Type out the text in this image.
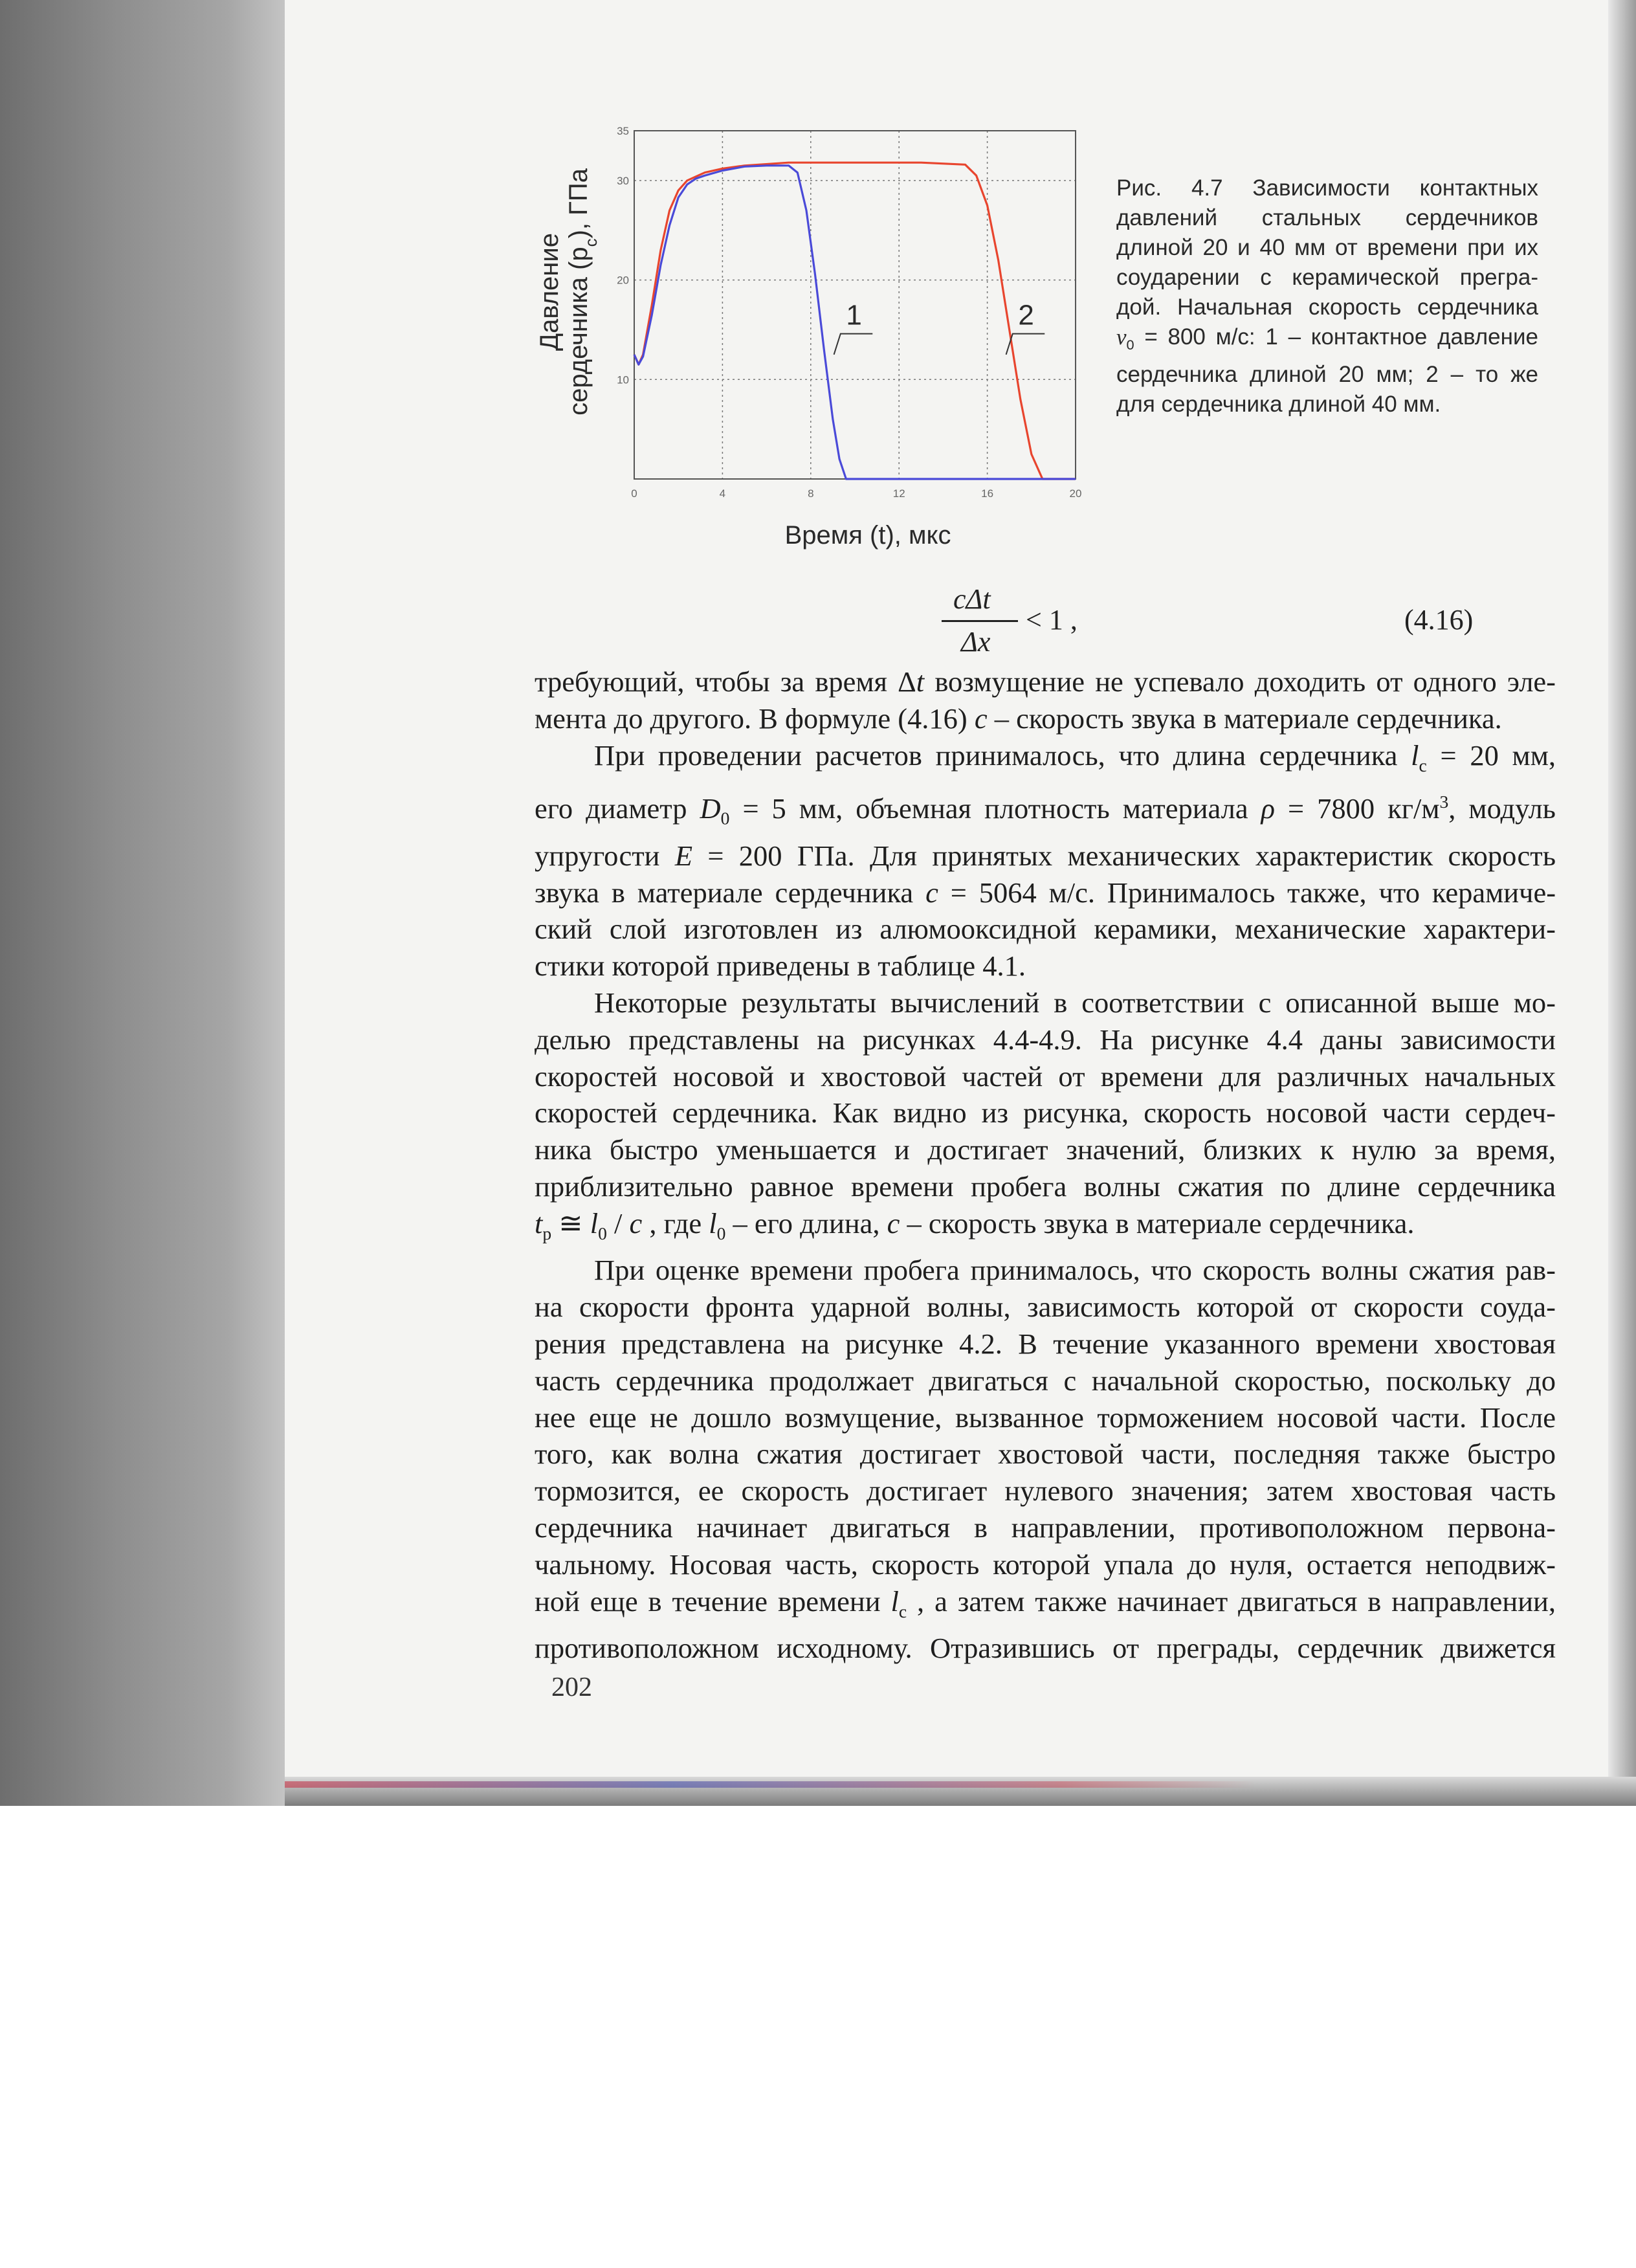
0	4	8	12	16	20
10
20
30
35
1	2
Давление сердечника $(p_c)$, ГПа
Время (t), мкс
Рис. 4.7 Зависимости контактных
давлений стальных сердечников
длиной 20 и 40 мм от времени при их
соударении с керамической прегра-
дой. Начальная скорость сердечника
$v_0 = 800$ м/с: 1 – контактное давление
сердечника длиной 20 мм; 2 – то же
для сердечника длиной 40 мм.
cΔt
Δx
< 1 ,	(4.16)
требующий, чтобы за время Δt возмущение не успевало доходить от одного эле-
мента до другого. В формуле (4.16) c – скорость звука в материале сердечника.
При проведении расчетов принималось, что длина сердечника $l_c = 20$ мм,
его диаметр $D_0 = 5$ мм, объемная плотность материала ρ = 7800 $кг/м^3$, модуль
упругости E = 200 ГПа. Для принятых механических характеристик скорость
звука в материале сердечника c = 5064 м/с. Принималось также, что керамиче-
ский слой изготовлен из алюмооксидной керамики, механические характери-
стики которой приведены в таблице 4.1.
Некоторые результаты вычислений в соответствии с описанной выше мо-
делью представлены на рисунках 4.4-4.9. На рисунке 4.4 даны зависимости
скоростей носовой и хвостовой частей от времени для различных начальных
скоростей сердечника. Как видно из рисунка, скорость носовой части сердеч-
ника быстро уменьшается и достигает значений, близких к нулю за время,
приблизительно равное времени пробега волны сжатия по длине сердечника
$t_p$ ≅ $l_0$ / c , где $l_0$ – его длина, c – скорость звука в материале сердечника.
При оценке времени пробега принималось, что скорость волны сжатия рав-
на скорости фронта ударной волны, зависимость которой от скорости соуда-
рения представлена на рисунке 4.2. В течение указанного времени хвостовая
часть сердечника продолжает двигаться с начальной скоростью, поскольку до
нее еще не дошло возмущение, вызванное торможением носовой части. После
того, как волна сжатия достигает хвостовой части, последняя также быстро
тормозится, ее скорость достигает нулевого значения; затем хвостовая часть
сердечника начинает двигаться в направлении, противоположном первона-
чальному. Носовая часть, скорость которой упала до нуля, остается неподвиж-
ной еще в течение времени $l_c$ , а затем также начинает двигаться в направлении,
противоположном исходному. Отразившись от преграды, сердечник движется
202
